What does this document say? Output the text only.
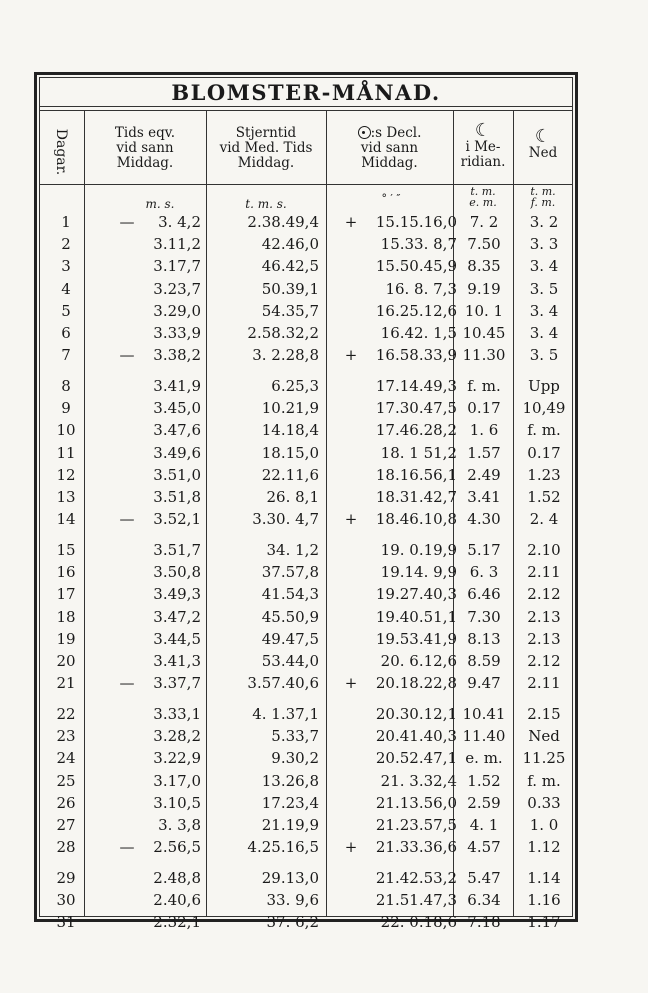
BLOMSTER-MÅNAD.
Dagar.	Tids eqv.
vid sann
Middag.
Stjerntid
vid Med. Tids
Middag.
:s Decl.
vid sann
Middag.
☾
i Me-
ridian.
☾
Ned
m. s.	t. m. s.	° ′ ″
t. m.
e. m.
t. m.
f. m.
1	—	3. 4,2	2.38.49,4 +	15.15.16,0 7. 2	3. 2
2	3.11,2	42.46,0	15.33. 8,7 7.50	3. 3
3	3.17,7	46.42,5	15.50.45,9 8.35	3. 4
4	3.23,7	50.39,1	16. 8. 7,3 9.19	3. 5
5	3.29,0	54.35,7	16.25.12,6 10. 1	3. 4
6	3.33,9	2.58.32,2	16.42. 1,5 10.45	3. 4
7	—	3.38,2	3. 2.28,8 +	16.58.33,9 11.30	3. 5
8	3.41,9	6.25,3	17.14.49,3 f. m.	Upp
9	3.45,0	10.21,9	17.30.47,5 0.17	10,49
10	3.47,6	14.18,4	17.46.28,2 1. 6	f. m.
11	3.49,6	18.15,0	18. 1 51,2 1.57	0.17
12	3.51,0	22.11,6	18.16.56,1 2.49	1.23
13	3.51,8	26. 8,1	18.31.42,7 3.41	1.52
14	—	3.52,1	3.30. 4,7 +	18.46.10,8 4.30	2. 4
15	3.51,7	34. 1,2	19. 0.19,9 5.17	2.10
16	3.50,8	37.57,8	19.14. 9,9 6. 3	2.11
17	3.49,3	41.54,3	19.27.40,3 6.46	2.12
18	3.47,2	45.50,9	19.40.51,1 7.30	2.13
19	3.44,5	49.47,5	19.53.41,9 8.13	2.13
20	3.41,3	53.44,0	20. 6.12,6 8.59	2.12
21	—	3.37,7	3.57.40,6 +	20.18.22,8 9.47	2.11
22	3.33,1	4. 1.37,1	20.30.12,1 10.41	2.15
23	3.28,2	5.33,7	20.41.40,3 11.40	Ned
24	3.22,9	9.30,2	20.52.47,1 e. m.	11.25
25	3.17,0	13.26,8	21. 3.32,4 1.52	f. m.
26	3.10,5	17.23,4	21.13.56,0 2.59	0.33
27	3. 3,8	21.19,9	21.23.57,5 4. 1	1. 0
28	—	2.56,5	4.25.16,5 +	21.33.36,6 4.57	1.12
29	2.48,8	29.13,0	21.42.53,2 5.47	1.14
30	2.40,6	33. 9,6	21.51.47,3 6.34	1.16
31	2.32,1	37. 6,2	22. 0.18,6 7.18	1.17
